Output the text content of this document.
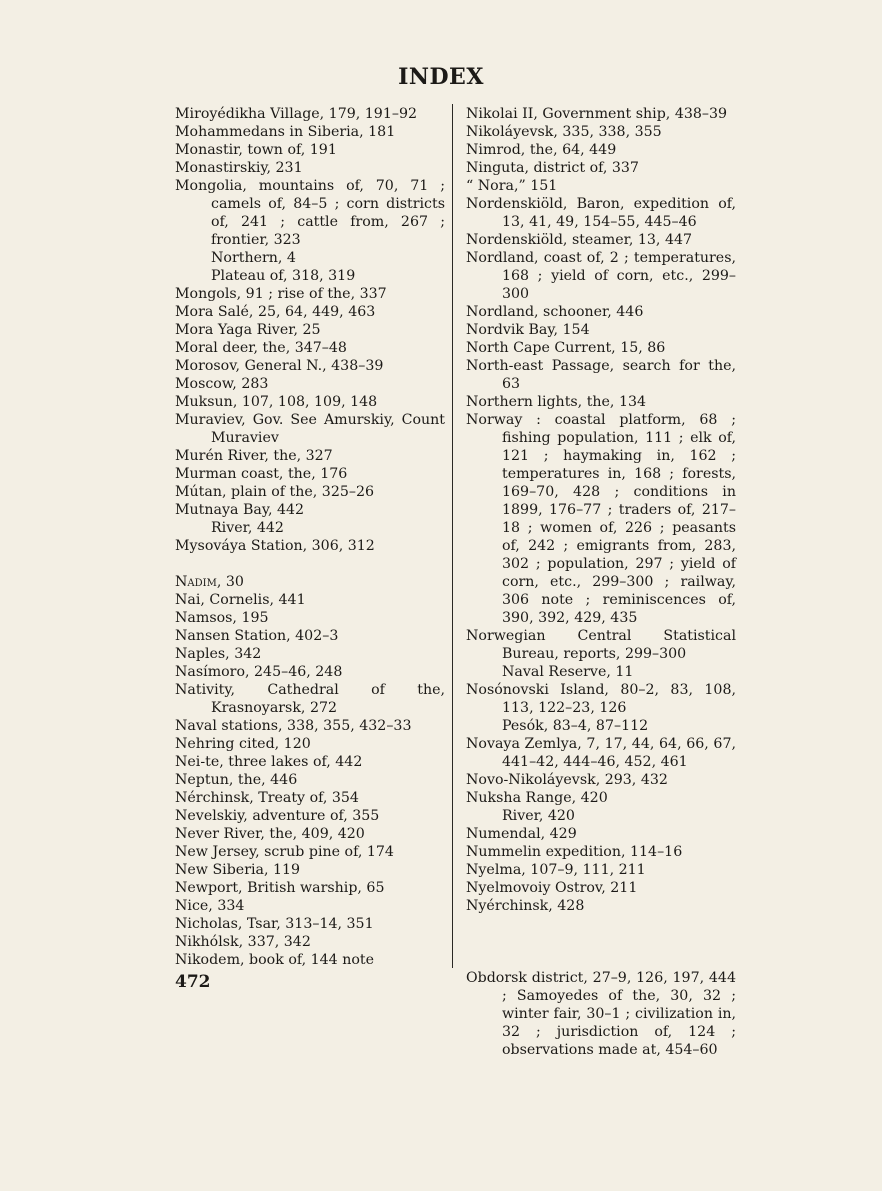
INDEX
Miroyédikha Village, 179, 191–92
Mohammedans in Siberia, 181
Monastir, town of, 191
Monastirskiy, 231
Mongolia, mountains of, 70, 71 ; camels of, 84–5 ; corn districts of, 241 ; cattle from, 267 ; frontier, 323
Northern, 4
Plateau of, 318, 319
Mongols, 91 ; rise of the, 337
Mora Salé, 25, 64, 449, 463
Mora Yaga River, 25
Moral deer, the, 347–48
Morosov, General N., 438–39
Moscow, 283
Muksun, 107, 108, 109, 148
Muraviev, Gov. See Amurskiy, Count Muraviev
Murén River, the, 327
Murman coast, the, 176
Mútan, plain of the, 325–26
Mutnaya Bay, 442
River, 442
Mysováya Station, 306, 312
Nadim, 30
Nai, Cornelis, 441
Namsos, 195
Nansen Station, 402–3
Naples, 342
Nasímoro, 245–46, 248
Nativity, Cathedral of the, Krasnoyarsk, 272
Naval stations, 338, 355, 432–33
Nehring cited, 120
Nei-te, three lakes of, 442
Neptun, the, 446
Nérchinsk, Treaty of, 354
Nevelskiy, adventure of, 355
Never River, the, 409, 420
New Jersey, scrub pine of, 174
New Siberia, 119
Newport, British warship, 65
Nice, 334
Nicholas, Tsar, 313–14, 351
Nikhólsk, 337, 342
Nikodem, book of, 144 note
Nikolai II, Government ship, 438–39
Nikoláyevsk, 335, 338, 355
Nimrod, the, 64, 449
Ninguta, district of, 337
“ Nora,” 151
Nordenskiöld, Baron, expedition of, 13, 41, 49, 154–55, 445–46
Nordenskiöld, steamer, 13, 447
Nordland, coast of, 2 ; temperatures, 168 ; yield of corn, etc., 299–300
Nordland, schooner, 446
Nordvik Bay, 154
North Cape Current, 15, 86
North-east Passage, search for the, 63
Northern lights, the, 134
Norway : coastal platform, 68 ; fishing population, 111 ; elk of, 121 ; haymaking in, 162 ; temperatures in, 168 ; forests, 169–70, 428 ; conditions in 1899, 176–77 ; traders of, 217–18 ; women of, 226 ; peasants of, 242 ; emigrants from, 283, 302 ; population, 297 ; yield of corn, etc., 299–300 ; railway, 306 note ; reminiscences of, 390, 392, 429, 435
Norwegian Central Statistical Bureau, reports, 299–300
Naval Reserve, 11
Nosónovski Island, 80–2, 83, 108, 113, 122–23, 126
Pesók, 83–4, 87–112
Novaya Zemlya, 7, 17, 44, 64, 66, 67, 441–42, 444–46, 452, 461
Novo-Nikoláyevsk, 293, 432
Nuksha Range, 420
River, 420
Numendal, 429
Nummelin expedition, 114–16
Nyelma, 107–9, 111, 211
Nyelmovoiy Ostrov, 211
Nyérchinsk, 428
Obdorsk district, 27–9, 126, 197, 444 ; Samoyedes of the, 30, 32 ; winter fair, 30–1 ; civilization in, 32 ; jurisdiction of, 124 ; observations made at, 454–60
472
